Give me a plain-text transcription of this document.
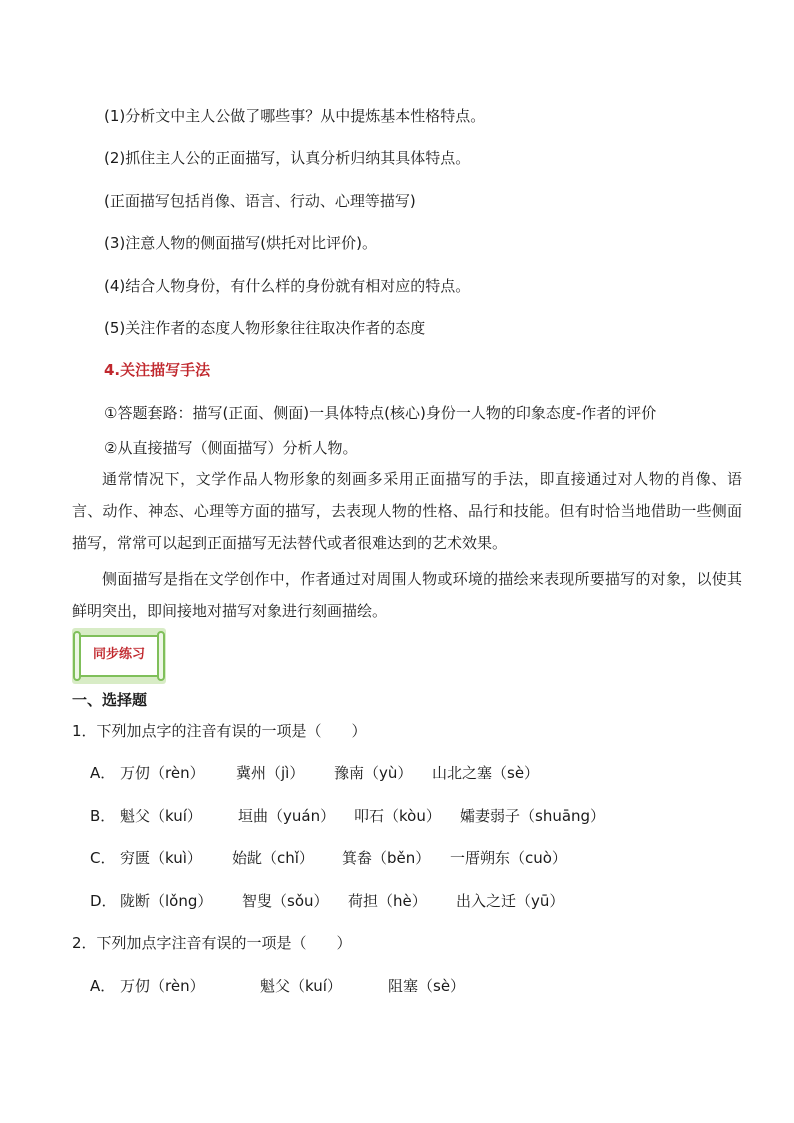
(1)分析文中主人公做了哪些事？从中提炼基本性格特点。
(2)抓住主人公的正面描写，认真分析归纳其具体特点。
(正面描写包括肖像、语言、行动、心理等描写)
(3)注意人物的侧面描写(烘托对比评价)。
(4)结合人物身份，有什么样的身份就有相对应的特点。
(5)关注作者的态度人物形象往往取决作者的态度
4.关注描写手法
①答题套路：描写(正面、侧面)一具体特点(核心)身份一人物的印象态度-作者的评价
②从直接描写（侧面描写）分析人物。
通常情况下，文学作品人物形象的刻画多采用正面描写的手法，即直接通过对人物的肖像、语言、动作、神态、心理等方面的描写，去表现人物的性格、品行和技能。但有时恰当地借助一些侧面描写，常常可以起到正面描写无法替代或者很难达到的艺术效果。
侧面描写是指在文学创作中，作者通过对周围人物或环境的描绘来表现所要描写的对象，以使其鲜明突出，即间接地对描写对象进行刻画描绘。
同步练习
一、选择题
1．下列加点字的注音有误的一项是（　　）
A． 万仞（rèn） 冀州（jì） 豫南（yù） 山北之塞（sè）
B． 魁父（kuí） 垣曲（yuán） 叩石（kòu） 孀妻弱子（shuāng）
C． 穷匮（kuì） 始龀（chǐ） 箕畚（běn） 一厝朔东（cuò）
D． 陇断（lǒng） 智叟（sǒu） 荷担（hè） 出入之迁（yū）
2．下列加点字注音有误的一项是（　　）
A． 万仞（rèn）	魁父（kuí）	阻塞（sè）
